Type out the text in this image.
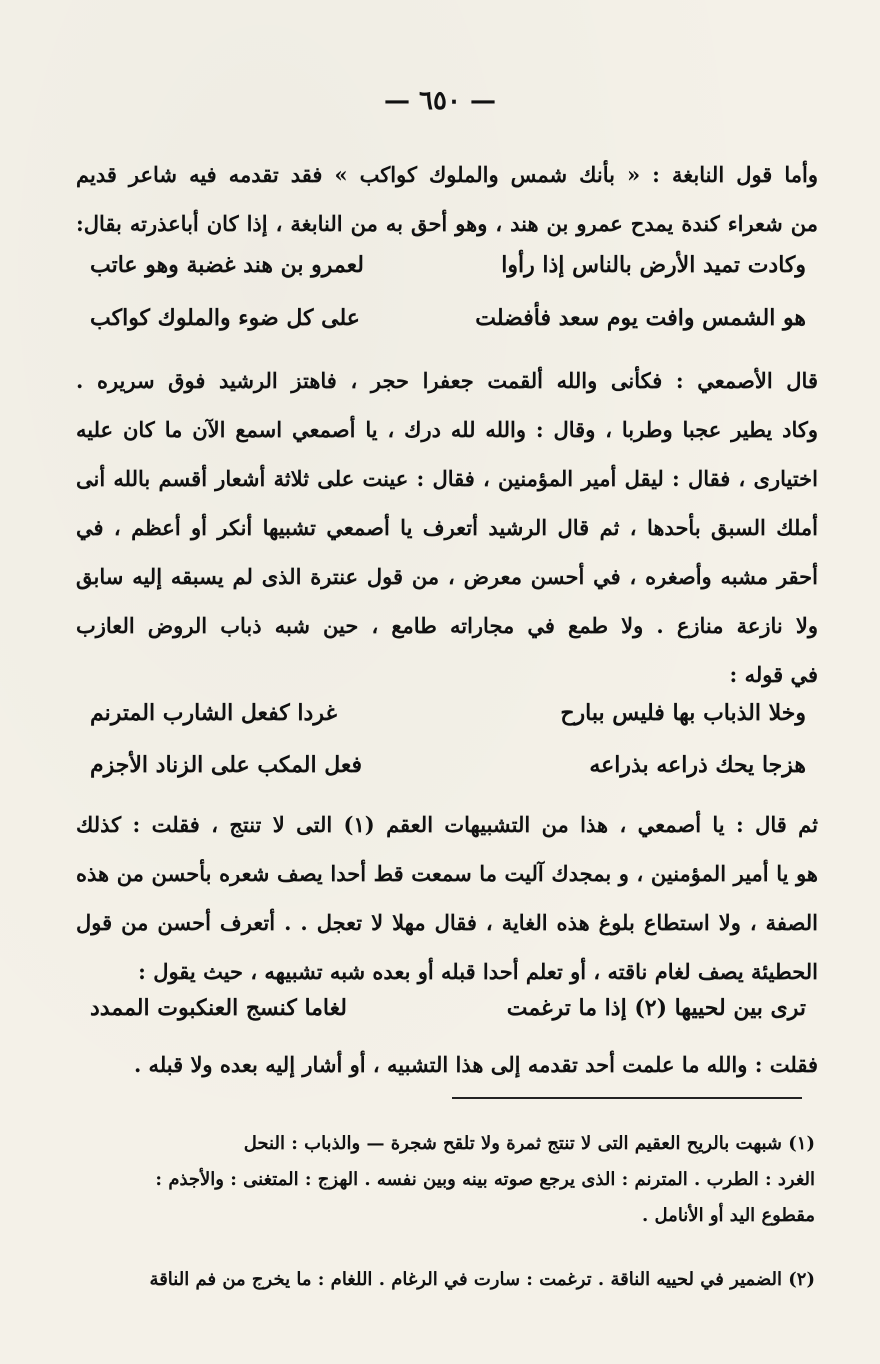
— ٦٥٠ —
وأما قول النابغة : « بأنك شمس والملوك كواكب » فقد تقدمه فيه شاعر قديم
من شعراء كندة يمدح عمرو بن هند ، وهو أحق به من النابغة ، إذا كان أباعذرته بقال:
وكادت تميد الأرض بالناس إذا رأوا
لعمرو بن هند غضبة وهو عاتب
هو الشمس وافت يوم سعد فأفضلت
على كل ضوء والملوك كواكب
قال الأصمعي : فكأنى والله ألقمت جعفرا حجر ، فاهتز الرشيد فوق سريره .
وكاد يطير عجبا وطربا ، وقال : والله لله درك ، يا أصمعي اسمع الآن ما كان عليه
اختيارى ، فقال : ليقل أمير المؤمنين ، فقال : عينت على ثلاثة أشعار أقسم بالله أنى
أملك السبق بأحدها ، ثم قال الرشيد أتعرف يا أصمعي تشبيها أنكر أو أعظم ، في
أحقر مشبه وأصغره ، في أحسن معرض ، من قول عنترة الذى لم يسبقه إليه سابق
ولا نازعة منازع . ولا طمع في مجاراته طامع ، حين شبه ذباب الروض العازب
في قوله :
وخلا الذباب بها فليس ببارح
غردا كفعل الشارب المترنم
هزجا يحك ذراعه بذراعه
فعل المكب على الزناد الأجزم
ثم قال : يا أصمعي ، هذا من التشبيهات العقم (١) التى لا تنتج ، فقلت : كذلك
هو يا أمير المؤمنين ، و بمجدك آليت ما سمعت قط أحدا يصف شعره بأحسن من هذه
الصفة ، ولا استطاع بلوغ هذه الغاية ، فقال مهلا لا تعجل . . أتعرف أحسن من قول
الحطيئة يصف لغام ناقته ، أو تعلم أحدا قبله أو بعده شبه تشبيهه ، حيث يقول :
ترى بين لحييها (٢) إذا ما ترغمت
لغاما كنسج العنكبوت الممدد
فقلت : والله ما علمت أحد تقدمه إلى هذا التشبيه ، أو أشار إليه بعده ولا قبله .
(١) شبهت بالريح العقيم التى لا تنتج ثمرة ولا تلقح شجرة — والذباب : النحل
الغرد : الطرب . المترنم : الذى يرجع صوته بينه وبين نفسه . الهزج : المتغنى : والأجذم :
مقطوع اليد أو الأنامل .
(٢) الضمير في لحييه الناقة . ترغمت : سارت في الرغام . اللغام : ما يخرج من فم الناقة
